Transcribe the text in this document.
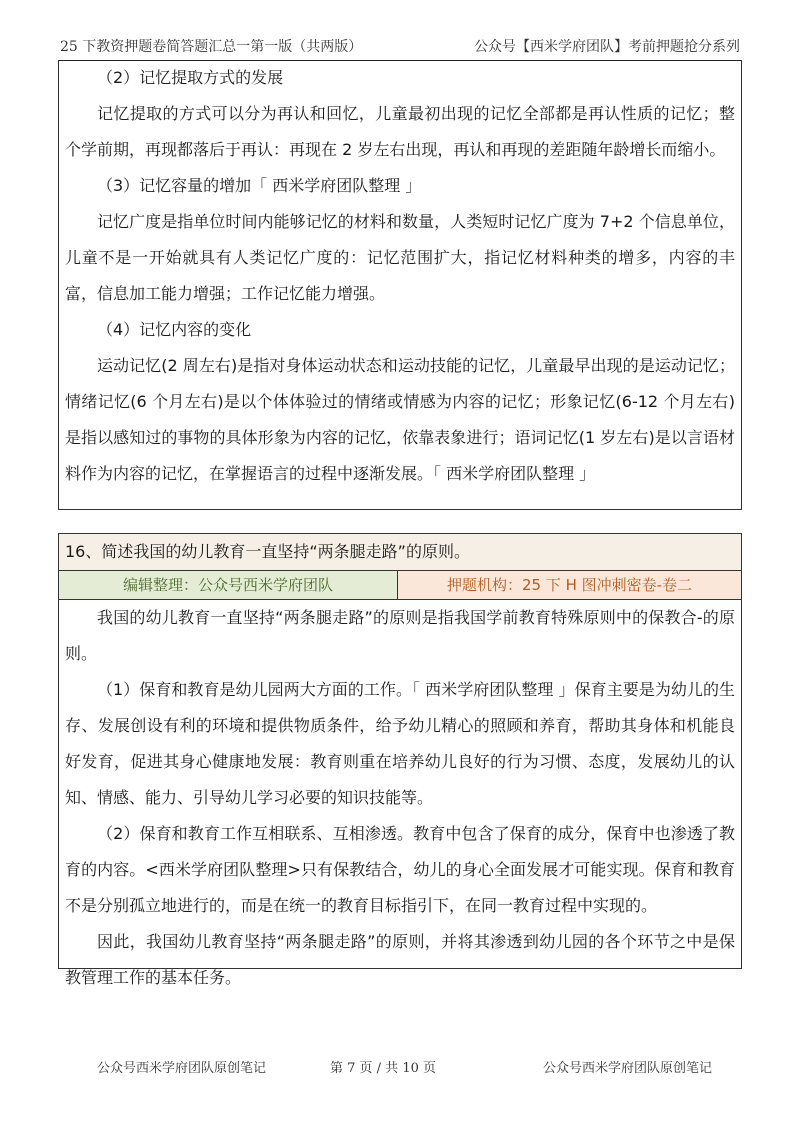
25 下教资押题卷简答题汇总一第一版（共两版）	公众号【西米学府团队】考前押题抢分系列

（2）记忆提取方式的发展

记忆提取的方式可以分为再认和回忆，儿童最初出现的记忆全部都是再认性质的记忆；整个学前期，再现都落后于再认：再现在 2 岁左右出现，再认和再现的差距随年龄增长而缩小。

（3）记忆容量的增加「 西米学府团队整理 」

记忆广度是指单位时间内能够记忆的材料和数量，人类短时记忆广度为 7+2 个信息单位，儿童不是一开始就具有人类记忆广度的：记忆范围扩大，指记忆材料种类的增多，内容的丰富，信息加工能力增强；工作记忆能力增强。

（4）记忆内容的变化

运动记忆(2 周左右)是指对身体运动状态和运动技能的记忆，儿童最早出现的是运动记忆；情绪记忆(6 个月左右)是以个体体验过的情绪或情感为内容的记忆；形象记忆(6-12 个月左右)是指以感知过的事物的具体形象为内容的记忆，依靠表象进行；语词记忆(1 岁左右)是以言语材料作为内容的记忆，在掌握语言的过程中逐渐发展。「 西米学府团队整理 」

16、简述我国的幼儿教育一直坚持“两条腿走路”的原则。
编辑整理：公众号西米学府团队	押题机构：25 下 H 图冲刺密卷-卷二

我国的幼儿教育一直坚持“两条腿走路”的原则是指我国学前教育特殊原则中的保教合-的原则。

（1）保育和教育是幼儿园两大方面的工作。「 西米学府团队整理 」保育主要是为幼儿的生存、发展创设有利的环境和提供物质条件，给予幼儿精心的照顾和养育，帮助其身体和机能良好发育，促进其身心健康地发展：教育则重在培养幼儿良好的行为习惯、态度，发展幼儿的认知、情感、能力、引导幼儿学习必要的知识技能等。

（2）保育和教育工作互相联系、互相渗透。教育中包含了保育的成分，保育中也渗透了教育的内容。<西米学府团队整理>只有保教结合，幼儿的身心全面发展才可能实现。保育和教育不是分别孤立地进行的，而是在统一的教育目标指引下，在同一教育过程中实现的。

因此，我国幼儿教育坚持“两条腿走路”的原则，并将其渗透到幼儿园的各个环节之中是保教管理工作的基本任务。

公众号西米学府团队原创笔记	第 7 页 / 共 10 页	公众号西米学府团队原创笔记
